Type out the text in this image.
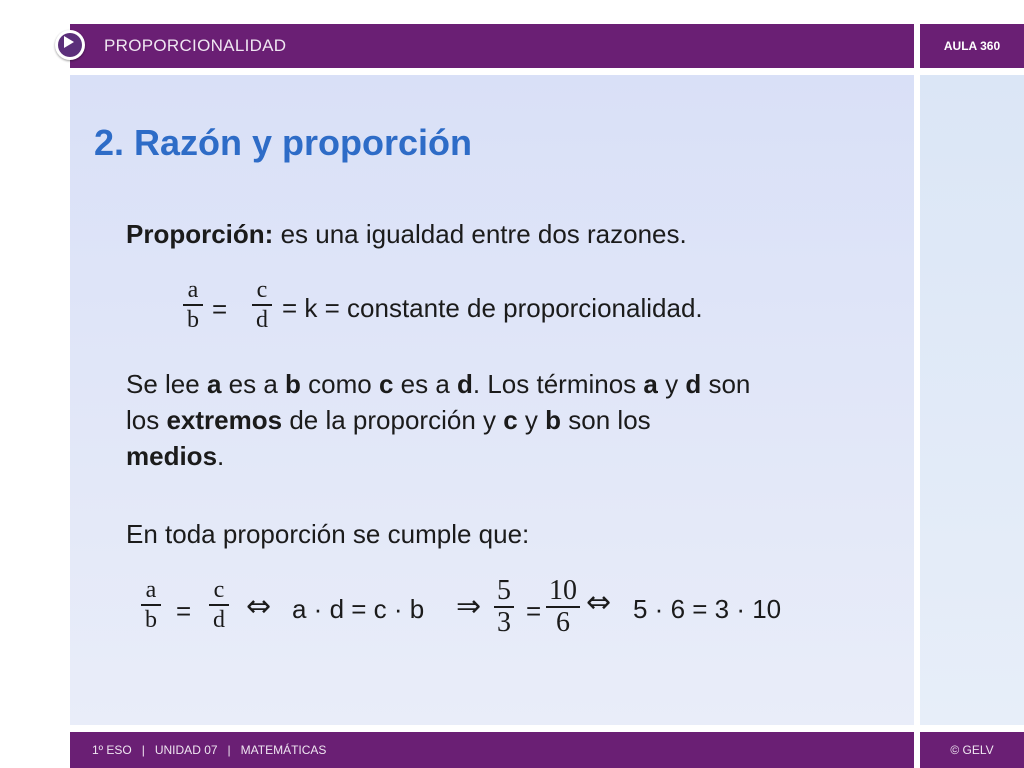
PROPORCIONALIDAD	AULA 360
2. Razón y proporción
Proporción: es una igualdad entre dos razones.
a
b =
c
d = k = constante de proporcionalidad.
Se lee a es a b como c es a d. Los términos a y d son
los extremos de la proporción y c y b son los
medios.
En toda proporción se cumple que:
a
b =
c
d ⇔ a · d = c · b ⇒ 5
3 =
10
6
⇔ 5 · 6 = 3 · 10
1º ESO   |   UNIDAD 07   |   MATEMÁTICAS	© GELV
